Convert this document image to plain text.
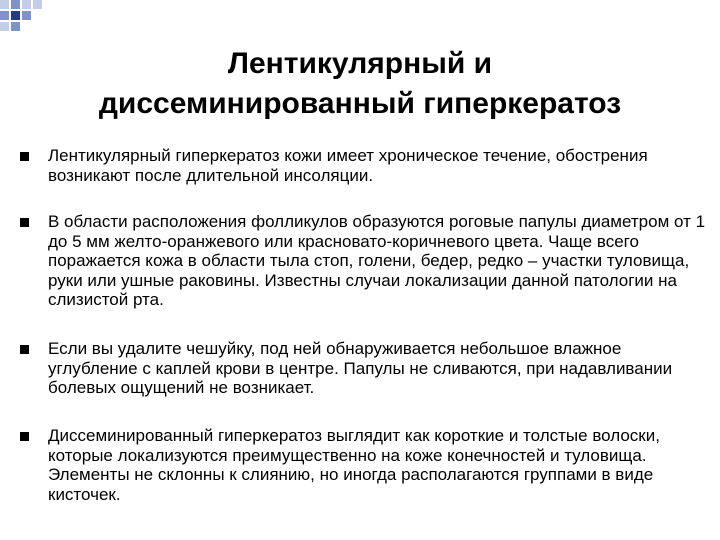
Лентикулярный и
диссеминированный гиперкератоз
Лентикулярный гиперкератоз кожи имеет хроническое течение, обострения возникают после длительной инсоляции.
В области расположения фолликулов образуются роговые папулы диаметром от 1 до 5 мм желто-оранжевого или красновато-коричневого цвета. Чаще всего поражается кожа в области тыла стоп, голени, бедер, редко – участки туловища, руки или ушные раковины. Известны случаи локализации данной патологии на слизистой рта.
Если вы удалите чешуйку, под ней обнаруживается небольшое влажное углубление с каплей крови в центре. Папулы не сливаются, при надавливании болевых ощущений не возникает.
Диссеминированный гиперкератоз выглядит как короткие и толстые волоски, которые локализуются преимущественно на коже конечностей и туловища. Элементы не склонны к слиянию, но иногда располагаются группами в виде кисточек.
